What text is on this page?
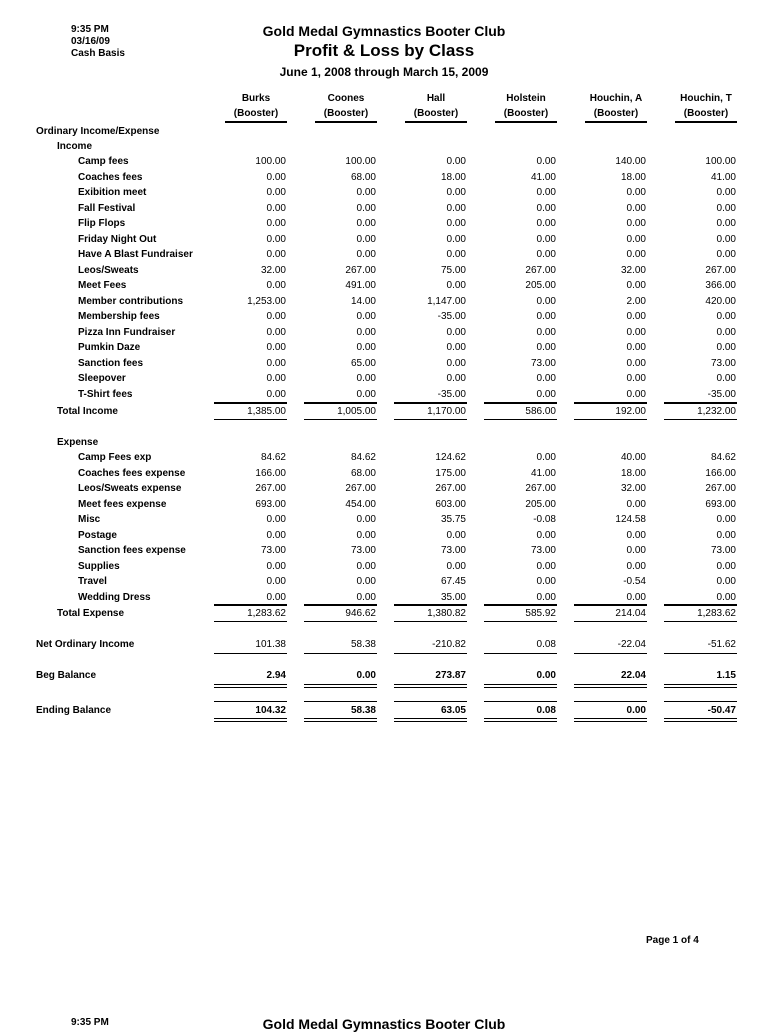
9:35 PM
03/16/09
Cash Basis
Gold Medal Gymnastics Booter Club
Profit & Loss by Class
June 1, 2008 through March 15, 2009
Burks
(Booster)
Coones
(Booster)
Hall
(Booster)
Holstein
(Booster)
Houchin, A
(Booster)
Houchin, T
(Booster)
Ordinary Income/Expense
Income
Expense
Camp fees	100.00	100.00	0.00	0.00	140.00	100.00
Coaches fees	0.00	68.00	18.00	41.00	18.00	41.00
Exibition meet	0.00	0.00	0.00	0.00	0.00	0.00
Fall Festival	0.00	0.00	0.00	0.00	0.00	0.00
Flip Flops	0.00	0.00	0.00	0.00	0.00	0.00
Friday Night Out	0.00	0.00	0.00	0.00	0.00	0.00
Have A Blast Fundraiser	0.00	0.00	0.00	0.00	0.00	0.00
Leos/Sweats	32.00	267.00	75.00	267.00	32.00	267.00
Meet Fees	0.00	491.00	0.00	205.00	0.00	366.00
Member contributions	1,253.00	14.00	1,147.00	0.00	2.00	420.00
Membership fees	0.00	0.00	-35.00	0.00	0.00	0.00
Pizza Inn Fundraiser	0.00	0.00	0.00	0.00	0.00	0.00
Pumkin Daze	0.00	0.00	0.00	0.00	0.00	0.00
Sanction fees	0.00	65.00	0.00	73.00	0.00	73.00
Sleepover	0.00	0.00	0.00	0.00	0.00	0.00
T-Shirt fees	0.00	0.00	-35.00	0.00	0.00	-35.00
Total Income	1,385.00	1,005.00	1,170.00	586.00	192.00	1,232.00
Camp Fees exp	84.62	84.62	124.62	0.00	40.00	84.62
Coaches fees expense	166.00	68.00	175.00	41.00	18.00	166.00
Leos/Sweats expense	267.00	267.00	267.00	267.00	32.00	267.00
Meet fees expense	693.00	454.00	603.00	205.00	0.00	693.00
Misc	0.00	0.00	35.75	-0.08	124.58	0.00
Postage	0.00	0.00	0.00	0.00	0.00	0.00
Sanction fees expense	73.00	73.00	73.00	73.00	0.00	73.00
Supplies	0.00	0.00	0.00	0.00	0.00	0.00
Travel	0.00	0.00	67.45	0.00	-0.54	0.00
Wedding Dress	0.00	0.00	35.00	0.00	0.00	0.00
Total Expense	1,283.62	946.62	1,380.82	585.92	214.04	1,283.62
Net Ordinary Income	101.38	58.38	-210.82	0.08	-22.04	-51.62
Beg Balance	2.94	0.00	273.87	0.00	22.04	1.15
Ending Balance	104.32	58.38	63.05	0.08	0.00	-50.47
Page 1 of 4
9:35 PM	Gold Medal Gymnastics Booter Club
